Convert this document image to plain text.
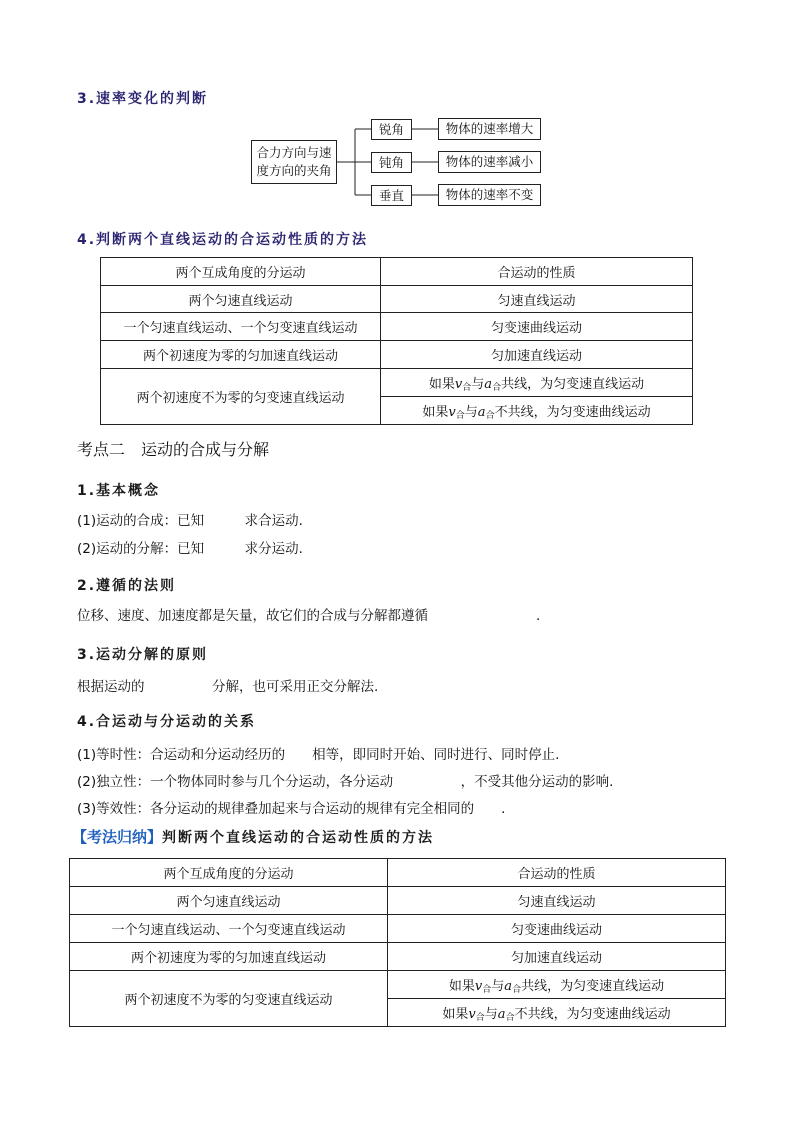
3.速率变化的判断
合力方向与速度方向的夹角
锐角
钝角
垂直
物体的速率增大
物体的速率减小
物体的速率不变
4.判断两个直线运动的合运动性质的方法
两个互成角度的分运动	合运动的性质
两个匀速直线运动	匀速直线运动
一个匀速直线运动、一个匀变速直线运动	匀变速曲线运动
两个初速度为零的匀加速直线运动	匀加速直线运动
两个初速度不为零的匀变速直线运动	如果$v_合$与$a_合$共线，为匀变速直线运动
	如果$v_合$与$a_合$不共线，为匀变速曲线运动
考点二　运动的合成与分解
1.基本概念
(1)运动的合成：已知　　　求合运动.
(2)运动的分解：已知　　　求分运动.
2.遵循的法则
位移、速度、加速度都是矢量，故它们的合成与分解都遵循　　　　　　　　.
3.运动分解的原则
根据运动的　　　　　分解，也可采用正交分解法.
4.合运动与分运动的关系
(1)等时性：合运动和分运动经历的　　相等，即同时开始、同时进行、同时停止.
(2)独立性：一个物体同时参与几个分运动，各分运动　　　　　，不受其他分运动的影响.
(3)等效性：各分运动的规律叠加起来与合运动的规律有完全相同的　　.
【考法归纳】判断两个直线运动的合运动性质的方法
两个互成角度的分运动	合运动的性质
两个匀速直线运动	匀速直线运动
一个匀速直线运动、一个匀变速直线运动	匀变速曲线运动
两个初速度为零的匀加速直线运动	匀加速直线运动
两个初速度不为零的匀变速直线运动	如果$v_合$与$a_合$共线，为匀变速直线运动
	如果$v_合$与$a_合$不共线，为匀变速曲线运动
